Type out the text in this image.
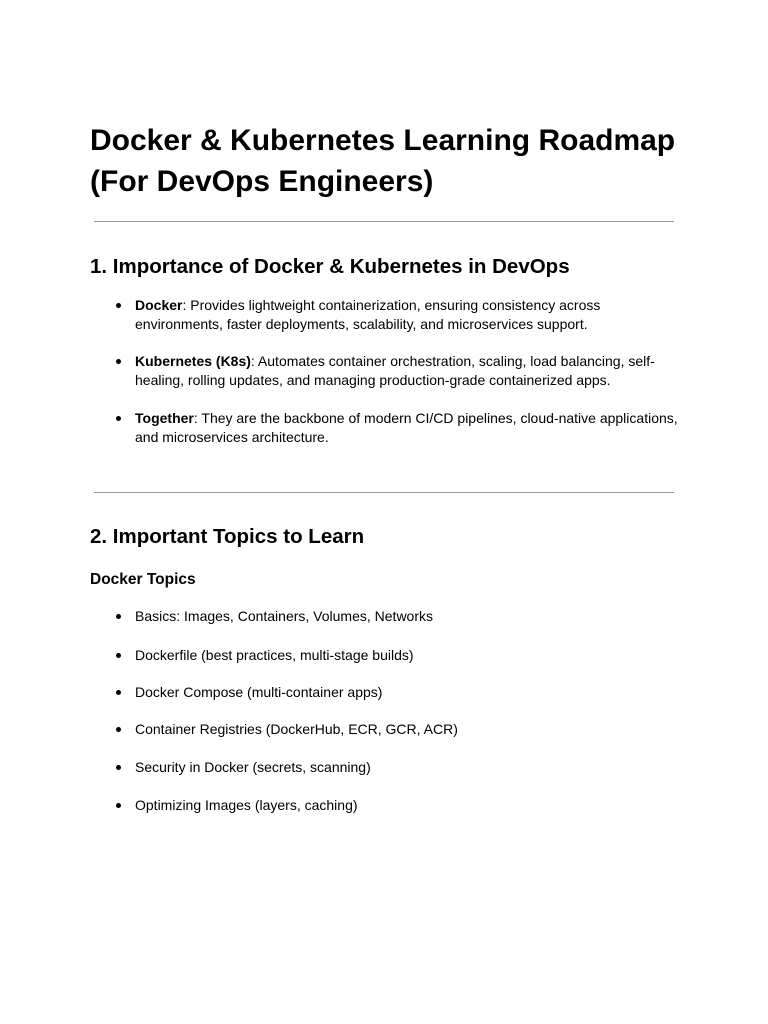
Docker & Kubernetes Learning Roadmap
(For DevOps Engineers)
1. Importance of Docker & Kubernetes in DevOps
Docker: Provides lightweight containerization, ensuring consistency across environments, faster deployments, scalability, and microservices support.
Kubernetes (K8s): Automates container orchestration, scaling, load balancing, self-healing, rolling updates, and managing production-grade containerized apps.
Together: They are the backbone of modern CI/CD pipelines, cloud-native applications, and microservices architecture.
2. Important Topics to Learn
Docker Topics
Basics: Images, Containers, Volumes, Networks
Dockerfile (best practices, multi-stage builds)
Docker Compose (multi-container apps)
Container Registries (DockerHub, ECR, GCR, ACR)
Security in Docker (secrets, scanning)
Optimizing Images (layers, caching)
